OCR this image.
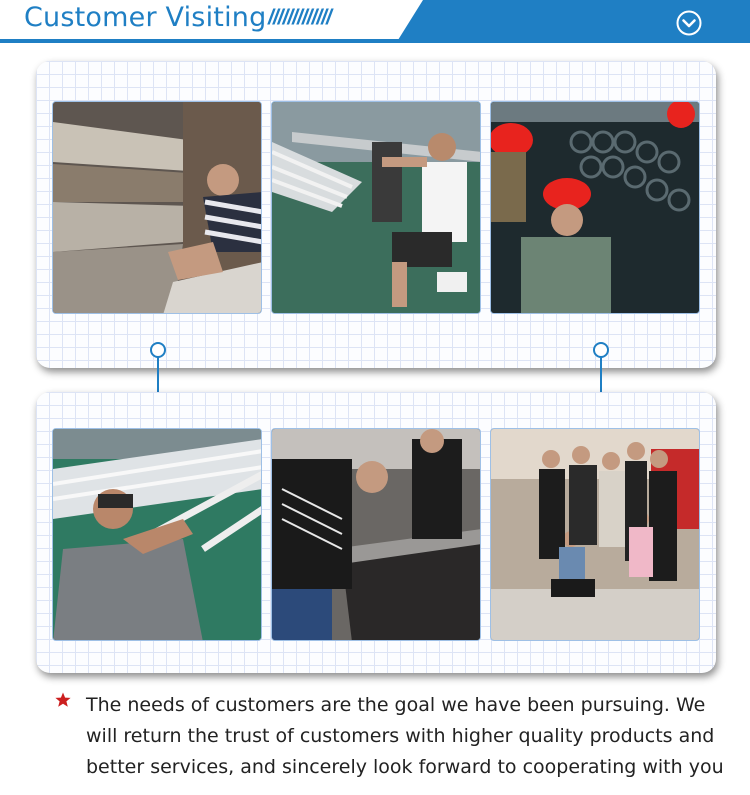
Customer Visiting /////////////

The needs of customers are the goal we have been pursuing. We will return the trust of customers with higher quality products and better services, and sincerely look forward to cooperating with you
